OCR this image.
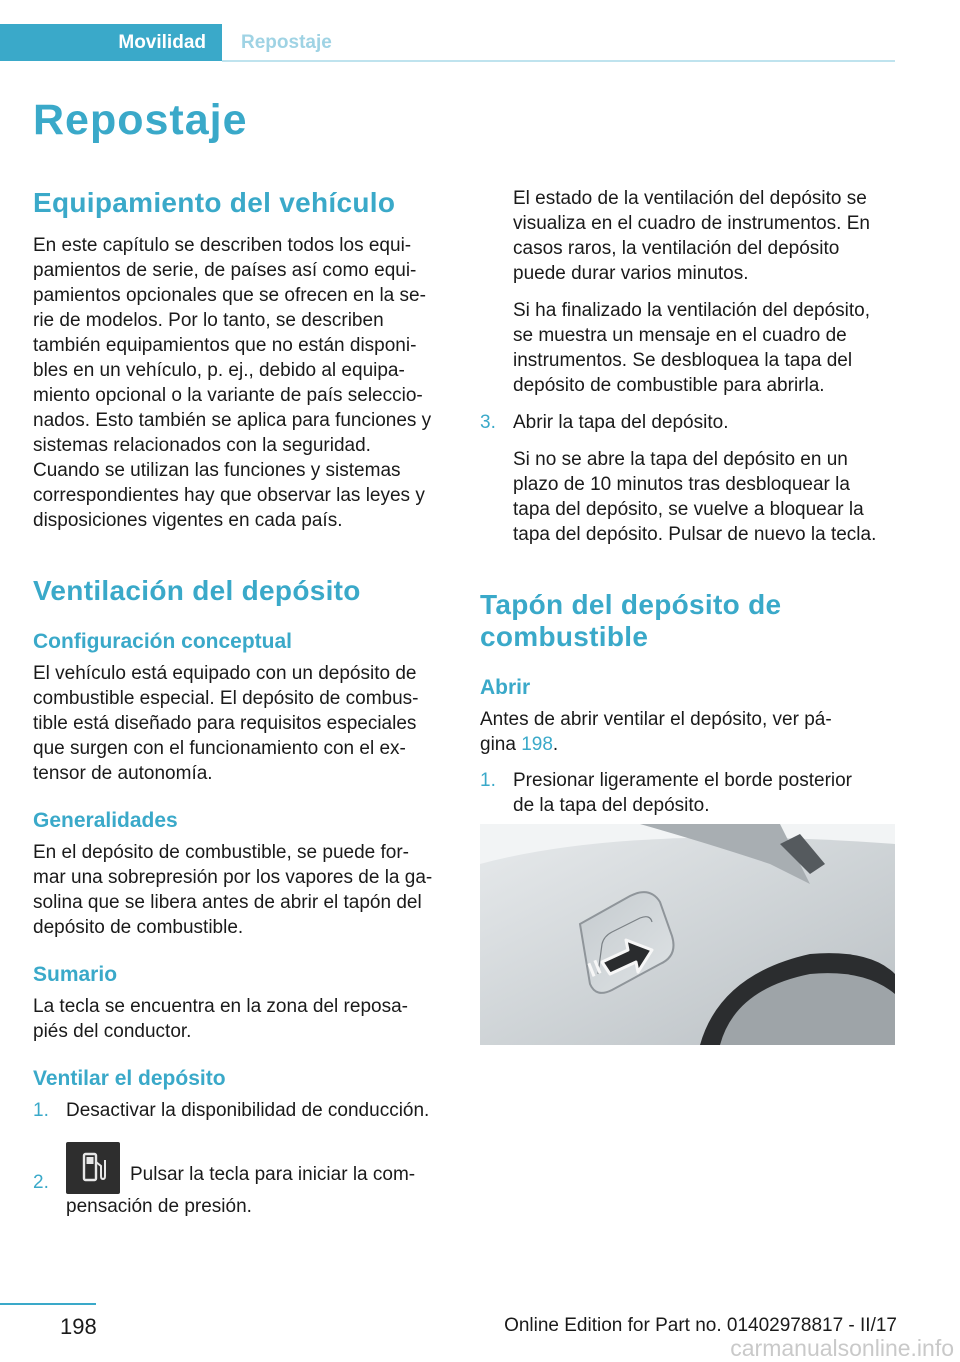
Movilidad Repostaje
Repostaje
Equipamiento del vehículo

En este capítulo se describen todos los equi-
pamientos de serie, de países así como equi-
pamientos opcionales que se ofrecen en la se-
rie de modelos. Por lo tanto, se describen
también equipamientos que no están disponi-
bles en un vehículo, p. ej., debido al equipa-
miento opcional o la variante de país seleccio-
nados. Esto también se aplica para funciones y
sistemas relacionados con la seguridad.
Cuando se utilizan las funciones y sistemas
correspondientes hay que observar las leyes y
disposiciones vigentes en cada país.

Ventilación del depósito
Configuración conceptual

El vehículo está equipado con un depósito de
combustible especial. El depósito de combus-
tible está diseñado para requisitos especiales
que surgen con el funcionamiento con el ex-
tensor de autonomía.

Generalidades

En el depósito de combustible, se puede for-
mar una sobrepresión por los vapores de la ga-
solina que se libera antes de abrir el tapón del
depósito de combustible.

Sumario

La tecla se encuentra en la zona del reposa-
piés del conductor.

Ventilar el depósito
1. Desactivar la disponibilidad de conducción.
2.	Pulsar la tecla para iniciar la com-
pensación de presión.

El estado de la ventilación del depósito se
visualiza en el cuadro de instrumentos. En
casos raros, la ventilación del depósito
puede durar varios minutos.

Si ha finalizado la ventilación del depósito,
se muestra un mensaje en el cuadro de
instrumentos. Se desbloquea la tapa del
depósito de combustible para abrirla.

3. Abrir la tapa del depósito.

Si no se abre la tapa del depósito en un
plazo de 10 minutos tras desbloquear la
tapa del depósito, se vuelve a bloquear la
tapa del depósito. Pulsar de nuevo la tecla.

Tapón del depósito de
combustible
Abrir

Antes de abrir ventilar el depósito, ver pá-
gina 198.

1. Presionar ligeramente el borde posterior
de la tapa del depósito.
198	Online Edition for Part no. 01402978817 - II/17
carmanualsonline.info
